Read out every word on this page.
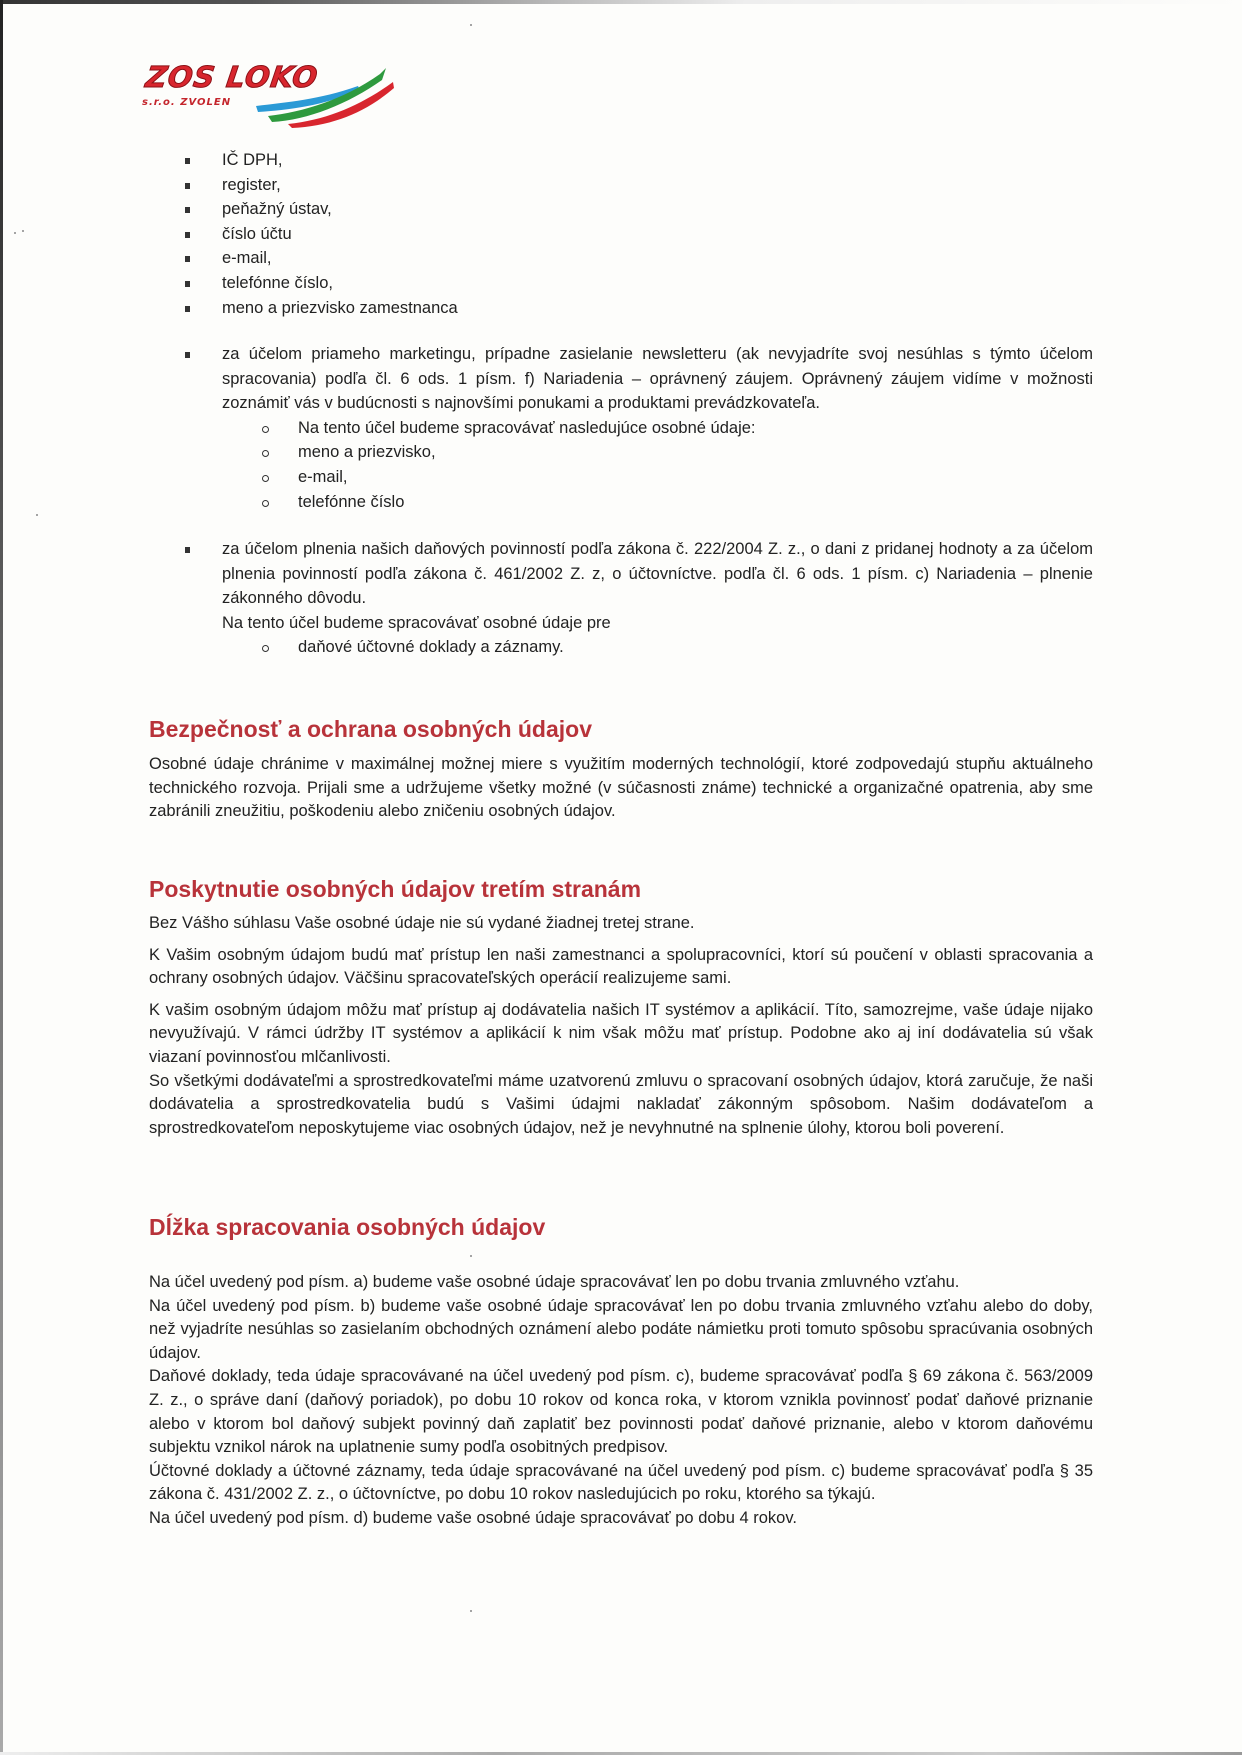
ZOS LOKO
s.r.o. ZVOLEN
IČ DPH,
register,
peňažný ústav,
číslo účtu
e-mail,
telefónne číslo,
meno a priezvisko zamestnanca
za účelom priameho marketingu, prípadne zasielanie newsletteru (ak nevyjadríte svoj nesúhlas s týmto účelom spracovania) podľa čl. 6 ods. 1 písm. f) Nariadenia – oprávnený záujem. Oprávnený záujem vidíme v možnosti zoznámiť vás v budúcnosti s najnovšími ponukami a produktami prevádzkovateľa.
Na tento účel budeme spracovávať nasledujúce osobné údaje:
meno a priezvisko,
e-mail,
telefónne číslo
za účelom plnenia našich daňových povinností podľa zákona č. 222/2004 Z. z., o dani z pridanej hodnoty a za účelom plnenia povinností podľa zákona č. 461/2002 Z. z, o účtovníctve. podľa čl. 6 ods. 1 písm. c) Nariadenia – plnenie zákonného dôvodu.
Na tento účel budeme spracovávať osobné údaje pre
daňové účtovné doklady a záznamy.
Bezpečnosť a ochrana osobných údajov

Osobné údaje chránime v maximálnej možnej miere s využitím moderných technológií, ktoré zodpovedajú stupňu aktuálneho technického rozvoja. Prijali sme a udržujeme všetky možné (v súčasnosti známe) technické a organizačné opatrenia, aby sme zabránili zneužitiu, poškodeniu alebo zničeniu osobných údajov.

Poskytnutie osobných údajov tretím stranám

Bez Vášho súhlasu Vaše osobné údaje nie sú vydané žiadnej tretej strane.

K Vašim osobným údajom budú mať prístup len naši zamestnanci a spolupracovníci, ktorí sú poučení v oblasti spracovania a ochrany osobných údajov. Väčšinu spracovateľských operácií realizujeme sami.

K vašim osobným údajom môžu mať prístup aj dodávatelia našich IT systémov a aplikácií. Títo, samozrejme, vaše údaje nijako nevyužívajú. V rámci údržby IT systémov a aplikácií k nim však môžu mať prístup. Podobne ako aj iní dodávatelia sú však viazaní povinnosťou mlčanlivosti.

So všetkými dodávateľmi a sprostredkovateľmi máme uzatvorenú zmluvu o spracovaní osobných údajov, ktorá zaručuje, že naši dodávatelia a sprostredkovatelia budú s Vašimi údajmi nakladať zákonným spôsobom. Našim dodávateľom a sprostredkovateľom neposkytujeme viac osobných údajov, než je nevyhnutné na splnenie úlohy, ktorou boli poverení.

Dĺžka spracovania osobných údajov

Na účel uvedený pod písm. a) budeme vaše osobné údaje spracovávať len po dobu trvania zmluvného vzťahu.

Na účel uvedený pod písm. b) budeme vaše osobné údaje spracovávať len po dobu trvania zmluvného vzťahu alebo do doby, než vyjadríte nesúhlas so zasielaním obchodných oznámení alebo podáte námietku proti tomuto spôsobu spracúvania osobných údajov.

Daňové doklady, teda údaje spracovávané na účel uvedený pod písm. c), budeme spracovávať podľa § 69 zákona č. 563/2009 Z. z., o správe daní (daňový poriadok), po dobu 10 rokov od konca roka, v ktorom vznikla povinnosť podať daňové priznanie alebo v ktorom bol daňový subjekt povinný daň zaplatiť bez povinnosti podať daňové priznanie, alebo v ktorom daňovému subjektu vznikol nárok na uplatnenie sumy podľa osobitných predpisov.

Účtovné doklady a účtovné záznamy, teda údaje spracovávané na účel uvedený pod písm. c) budeme spracovávať podľa § 35 zákona č. 431/2002 Z. z., o účtovníctve, po dobu 10 rokov nasledujúcich po roku, ktorého sa týkajú.

Na účel uvedený pod písm. d) budeme vaše osobné údaje spracovávať po dobu 4 rokov.
